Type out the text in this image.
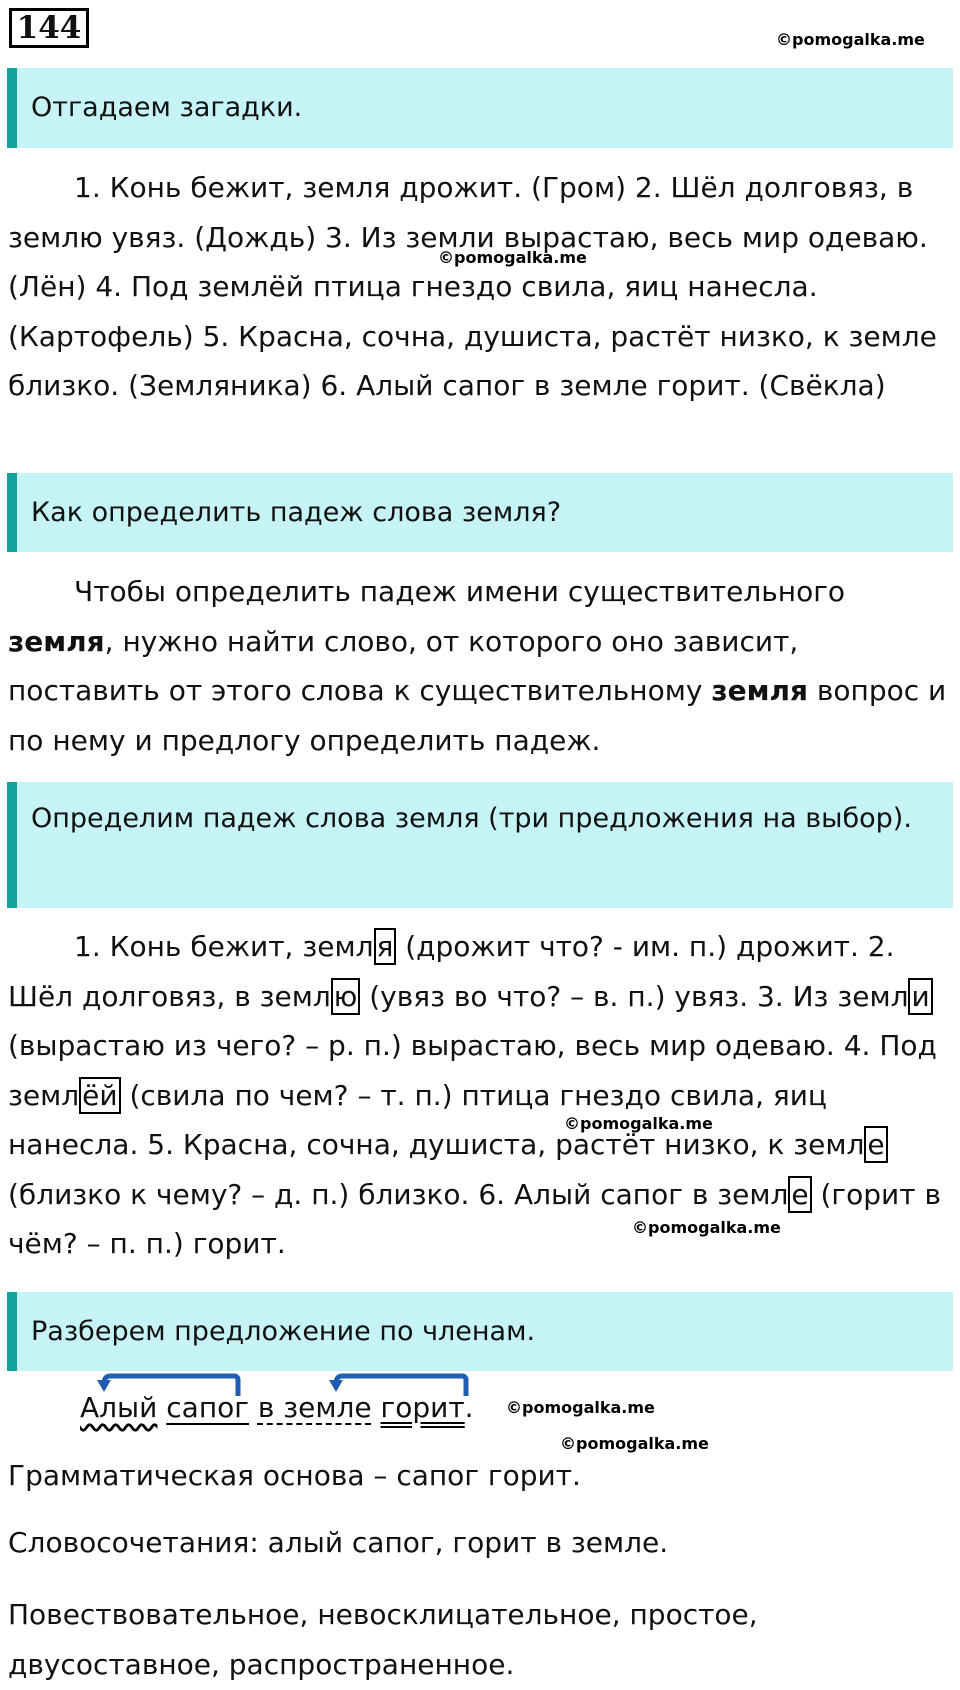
144	©pomogalka.me
Отгадаем загадки.
1. Конь бежит, земля дрожит. (Гром) 2. Шёл долговяз, в землю увяз. (Дождь) 3. Из земли вырастаю, весь мир одеваю. (Лён) 4. Под землёй птица гнездо свила, яиц нанесла. (Картофель) 5. Красна, сочна, душиста, растёт низко, к земле близко. (Земляника) 6. Алый сапог в земле горит. (Свёкла)
©pomogalka.me
Как определить падеж слова земля?
Чтобы определить падеж имени существительного земля, нужно найти слово, от которого оно зависит, поставить от этого слова к существительному земля вопрос и по нему и предлогу определить падеж.
Определим падеж слова земля (три предложения на выбор).
1. Конь бежит, земл я (дрожит что? - им. п.) дрожит. 2. Шёл долговяз, в земл ю (увяз во что? – в. п.) увяз. 3. Из земл и (вырастаю из чего? – р. п.) вырастаю, весь мир одеваю. 4. Под земл ёй (свила по чем? – т. п.) птица гнездо свила, яиц нанесла. 5. Красна, сочна, душиста, растёт низко, к земл е (близко к чему? – д. п.) близко. 6. Алый сапог в земл е (горит в чём? – п. п.) горит.
©pomogalka.me
©pomogalka.me
Разберем предложение по членам.
Алый сапог в земле горит. ©pomogalka.me
©pomogalka.me
Грамматическая основа – сапог горит.
Словосочетания: алый сапог, горит в земле.
Повествовательное, невосклицательное, простое, двусоставное, распространенное.
